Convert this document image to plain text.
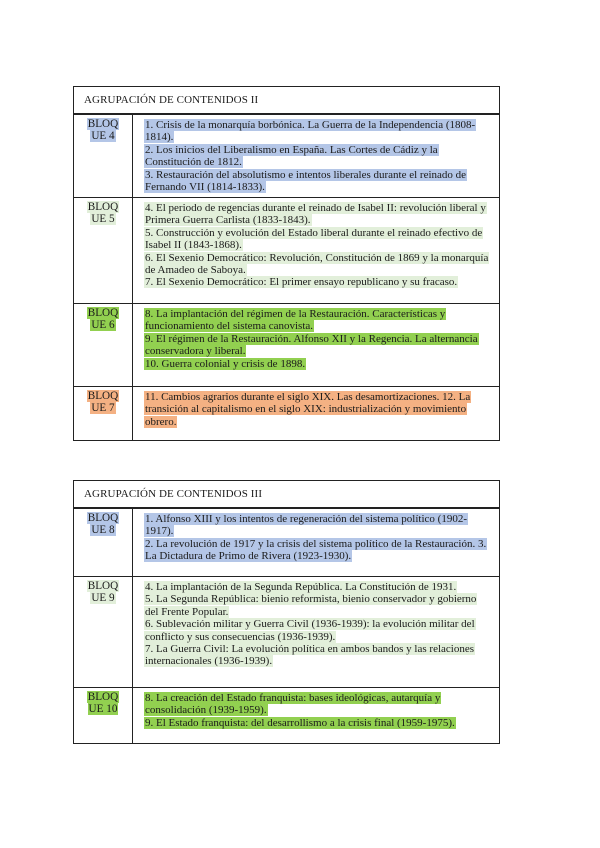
AGRUPACIÓN DE CONTENIDOS II
BLOQ
UE 4
1. Crisis de la monarquía borbónica. La Guerra de la Independencia (1808- 1814).
2. Los inicios del Liberalismo en España. Las Cortes de Cádiz y la Constitución de 1812.
3. Restauración del absolutismo e intentos liberales durante el reinado de Fernando VII (1814-1833).
BLOQ
UE 5
4. El periodo de regencias durante el reinado de Isabel II: revolución liberal y Primera Guerra Carlista (1833-1843).
5. Construcción y evolución del Estado liberal durante el reinado efectivo de Isabel II (1843-1868).
6. El Sexenio Democrático: Revolución, Constitución de 1869 y la monarquía de Amadeo de Saboya.
7. El Sexenio Democrático: El primer ensayo republicano y su fracaso.
BLOQ
UE 6
8. La implantación del régimen de la Restauración. Características y funcionamiento del sistema canovista.
9. El régimen de la Restauración. Alfonso XII y la Regencia. La alternancia conservadora y liberal.
10. Guerra colonial y crisis de 1898.
BLOQ
UE 7
11. Cambios agrarios durante el siglo XIX. Las desamortizaciones. 12. La transición al capitalismo en el siglo XIX: industrialización y movimiento obrero.
AGRUPACIÓN DE CONTENIDOS III
BLOQ
UE 8
1. Alfonso XIII y los intentos de regeneración del sistema político (1902- 1917).
2. La revolución de 1917 y la crisis del sistema político de la Restauración. 3. La Dictadura de Primo de Rivera (1923-1930).
BLOQ
UE 9
4. La implantación de la Segunda República. La Constitución de 1931.
5. La Segunda República: bienio reformista, bienio conservador y gobierno del Frente Popular.
6. Sublevación militar y Guerra Civil (1936-1939): la evolución militar del conflicto y sus consecuencias (1936-1939).
7. La Guerra Civil: La evolución política en ambos bandos y las relaciones internacionales (1936-1939).
BLOQ
UE 10
8. La creación del Estado franquista: bases ideológicas, autarquía y consolidación (1939-1959).
9. El Estado franquista: del desarrollismo a la crisis final (1959-1975).
